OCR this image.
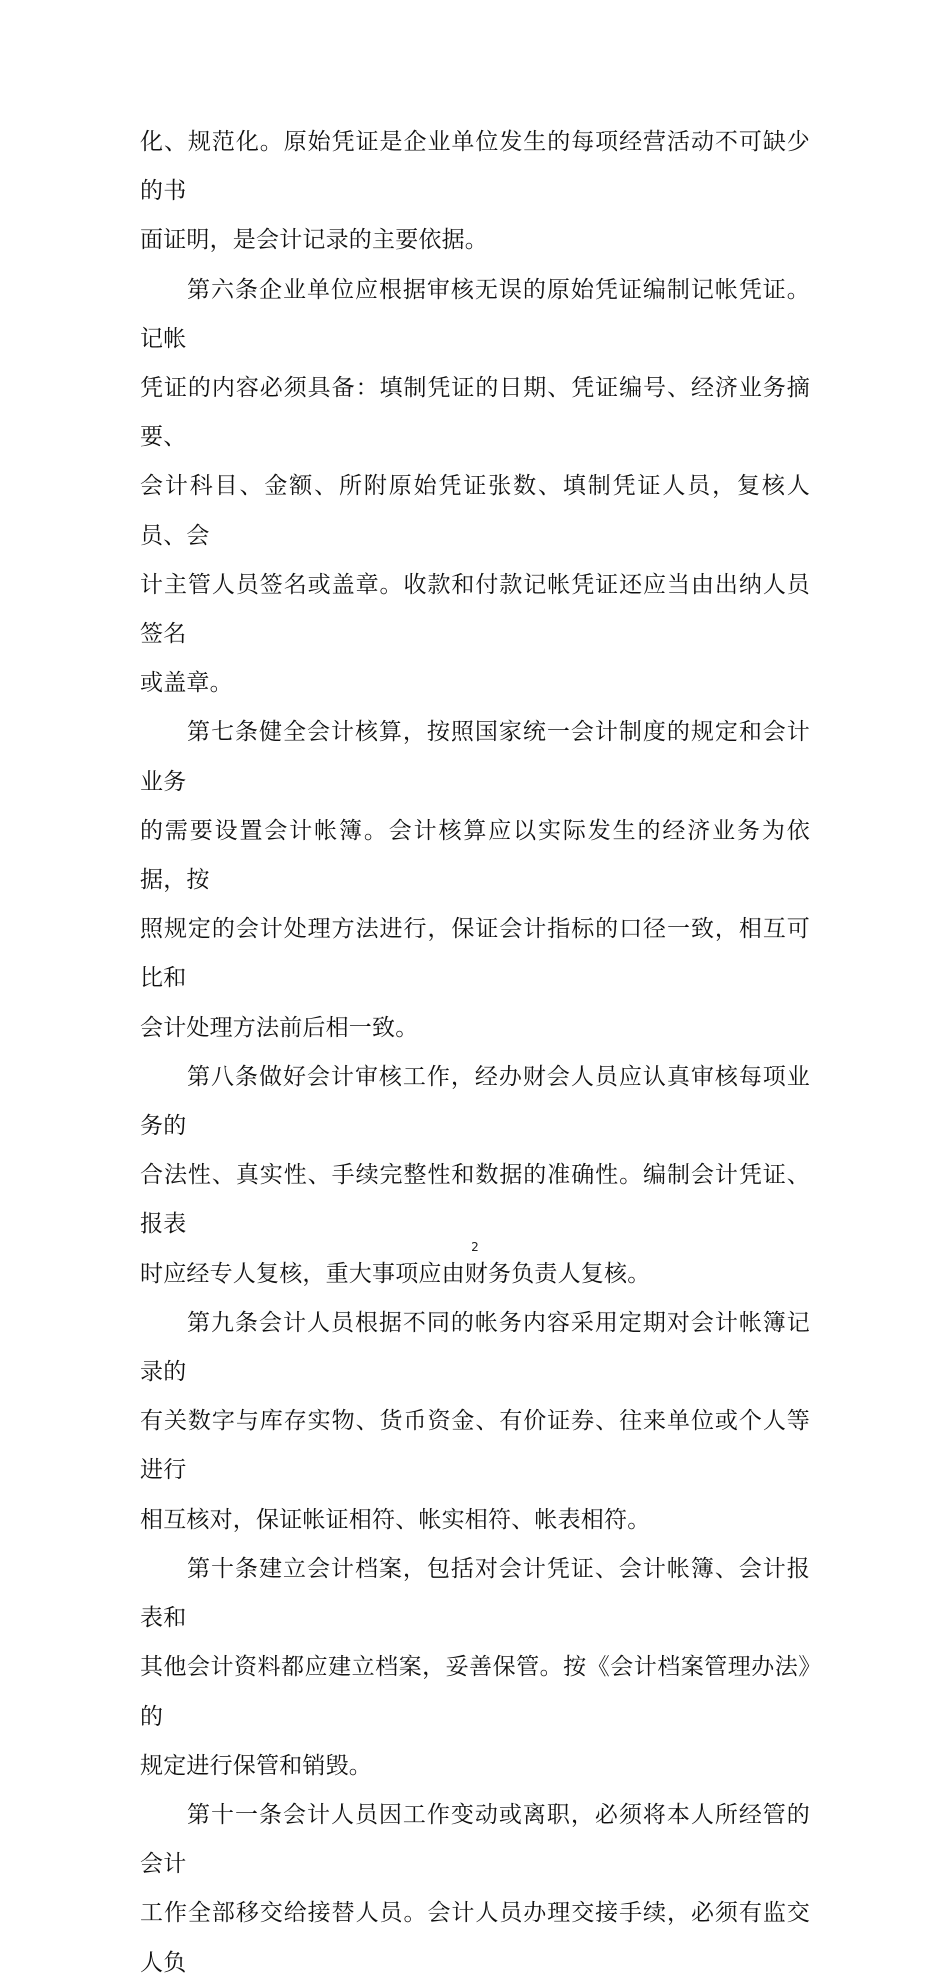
化、规范化。原始凭证是企业单位发生的每项经营活动不可缺少的书
面证明，是会计记录的主要依据。

第六条企业单位应根据审核无误的原始凭证编制记帐凭证。记帐
凭证的内容必须具备：填制凭证的日期、凭证编号、经济业务摘要、
会计科目、金额、所附原始凭证张数、填制凭证人员，复核人员、会
计主管人员签名或盖章。收款和付款记帐凭证还应当由出纳人员签名
或盖章。

第七条健全会计核算，按照国家统一会计制度的规定和会计业务
的需要设置会计帐簿。会计核算应以实际发生的经济业务为依据，按
照规定的会计处理方法进行，保证会计指标的口径一致，相互可比和
会计处理方法前后相一致。

第八条做好会计审核工作，经办财会人员应认真审核每项业务的
合法性、真实性、手续完整性和数据的准确性。编制会计凭证、报表
时应经专人复核，重大事项应由财务负责人复核。

第九条会计人员根据不同的帐务内容采用定期对会计帐簿记录的
有关数字与库存实物、货币资金、有价证券、往来单位或个人等进行
相互核对，保证帐证相符、帐实相符、帐表相符。

第十条建立会计档案，包括对会计凭证、会计帐簿、会计报表和
其他会计资料都应建立档案，妥善保管。按《会计档案管理办法》的
规定进行保管和销毁。

第十一条会计人员因工作变动或离职，必须将本人所经管的会计
工作全部移交给接替人员。会计人员办理交接手续，必须有监交人负

2
